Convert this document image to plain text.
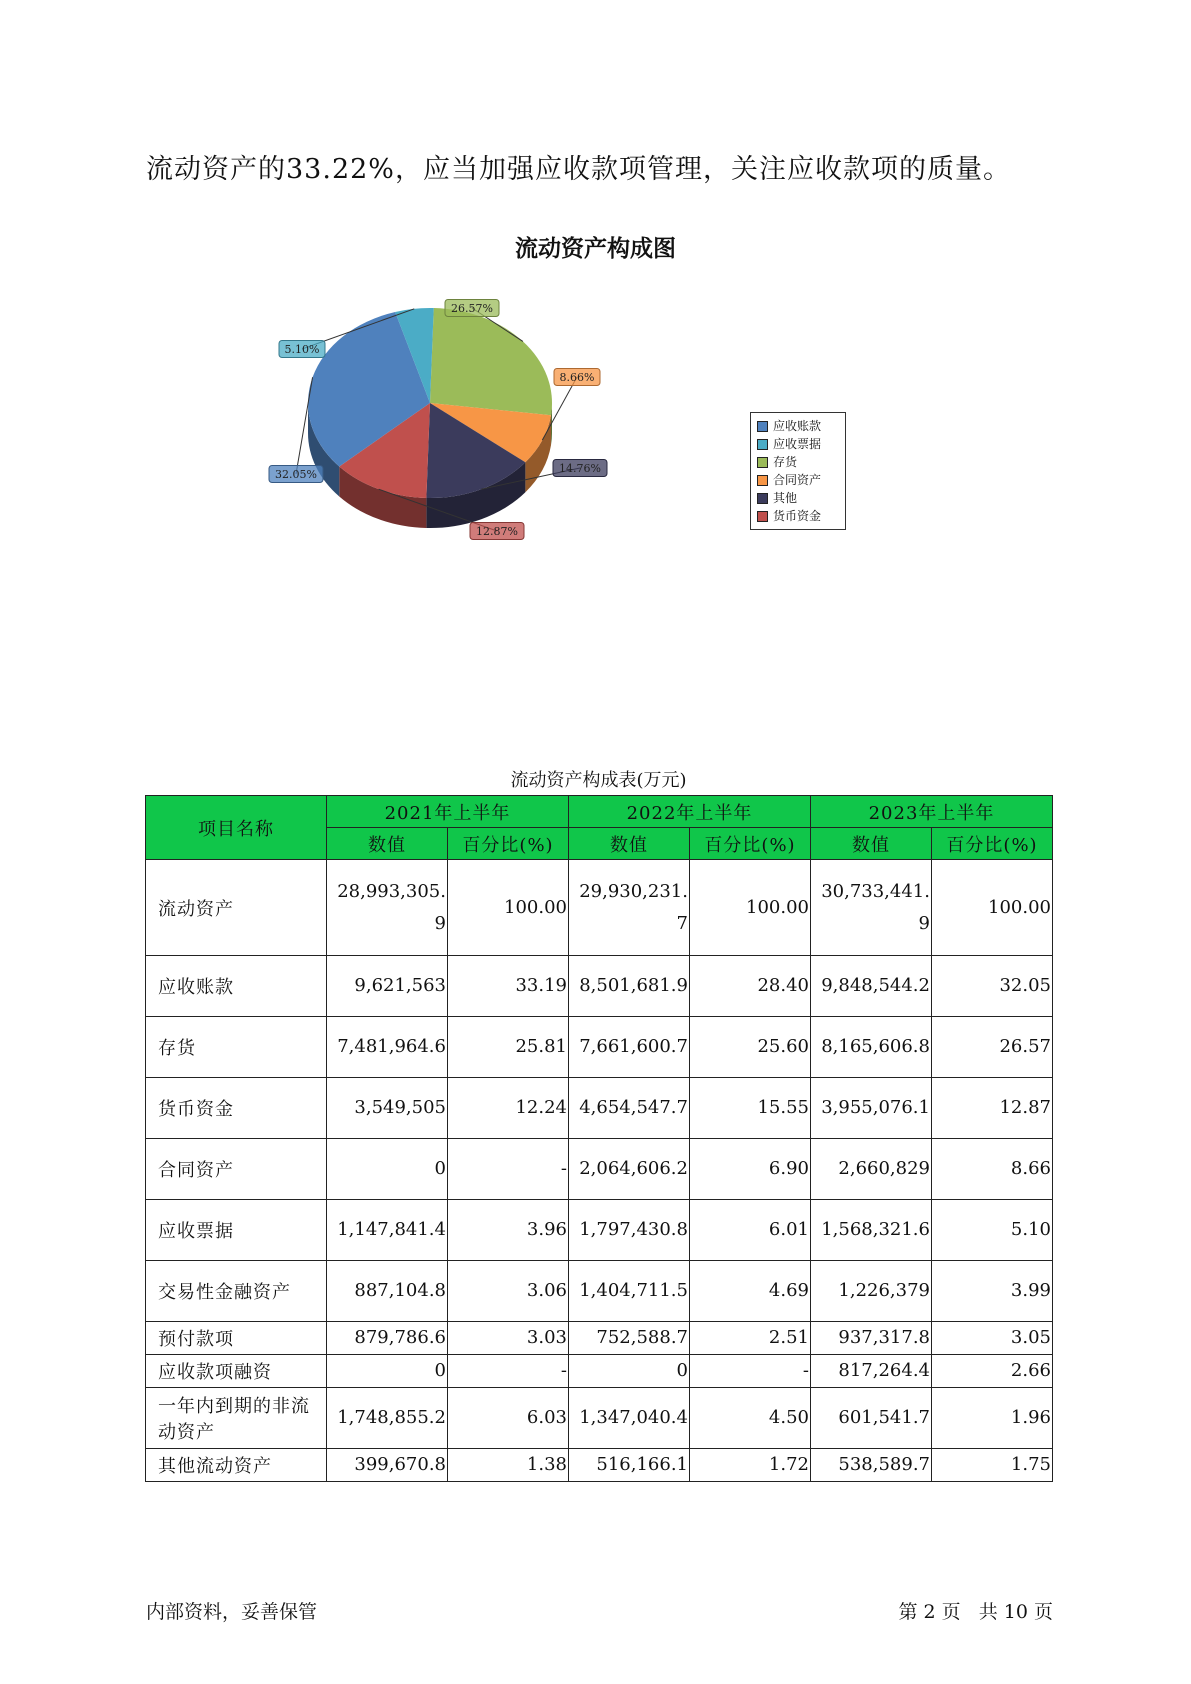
流动资产的33.22%，应当加强应收款项管理，关注应收款项的质量。
流动资产构成图
26.57%
8.66%
14.76%
12.87%
32.05%
5.10%
应收账款
应收票据
存货
合同资产
其他
货币资金
流动资产构成表(万元)
项目名称	2021年上半年		2022年上半年		2023年上半年	
	数值	百分比(%)	数值	百分比(%)	数值	百分比(%)
流动资产	28,993,305.9	100.00	29,930,231.7	100.00	30,733,441.9	100.00
应收账款	9,621,563	33.19	8,501,681.9	28.40	9,848,544.2	32.05
存货	7,481,964.6	25.81	7,661,600.7	25.60	8,165,606.8	26.57
货币资金	3,549,505	12.24	4,654,547.7	15.55	3,955,076.1	12.87
合同资产	0	-	2,064,606.2	6.90	2,660,829	8.66
应收票据	1,147,841.4	3.96	1,797,430.8	6.01	1,568,321.6	5.10
交易性金融资产	887,104.8	3.06	1,404,711.5	4.69	1,226,379	3.99
预付款项	879,786.6	3.03	752,588.7	2.51	937,317.8	3.05
应收款项融资	0	-	0	-	817,264.4	2.66
一年内到期的非流动资产	1,748,855.2	6.03	1,347,040.4	4.50	601,541.7	1.96
其他流动资产	399,670.8	1.38	516,166.1	1.72	538,589.7	1.75
内部资料，妥善保管	第 2 页   共 10 页
